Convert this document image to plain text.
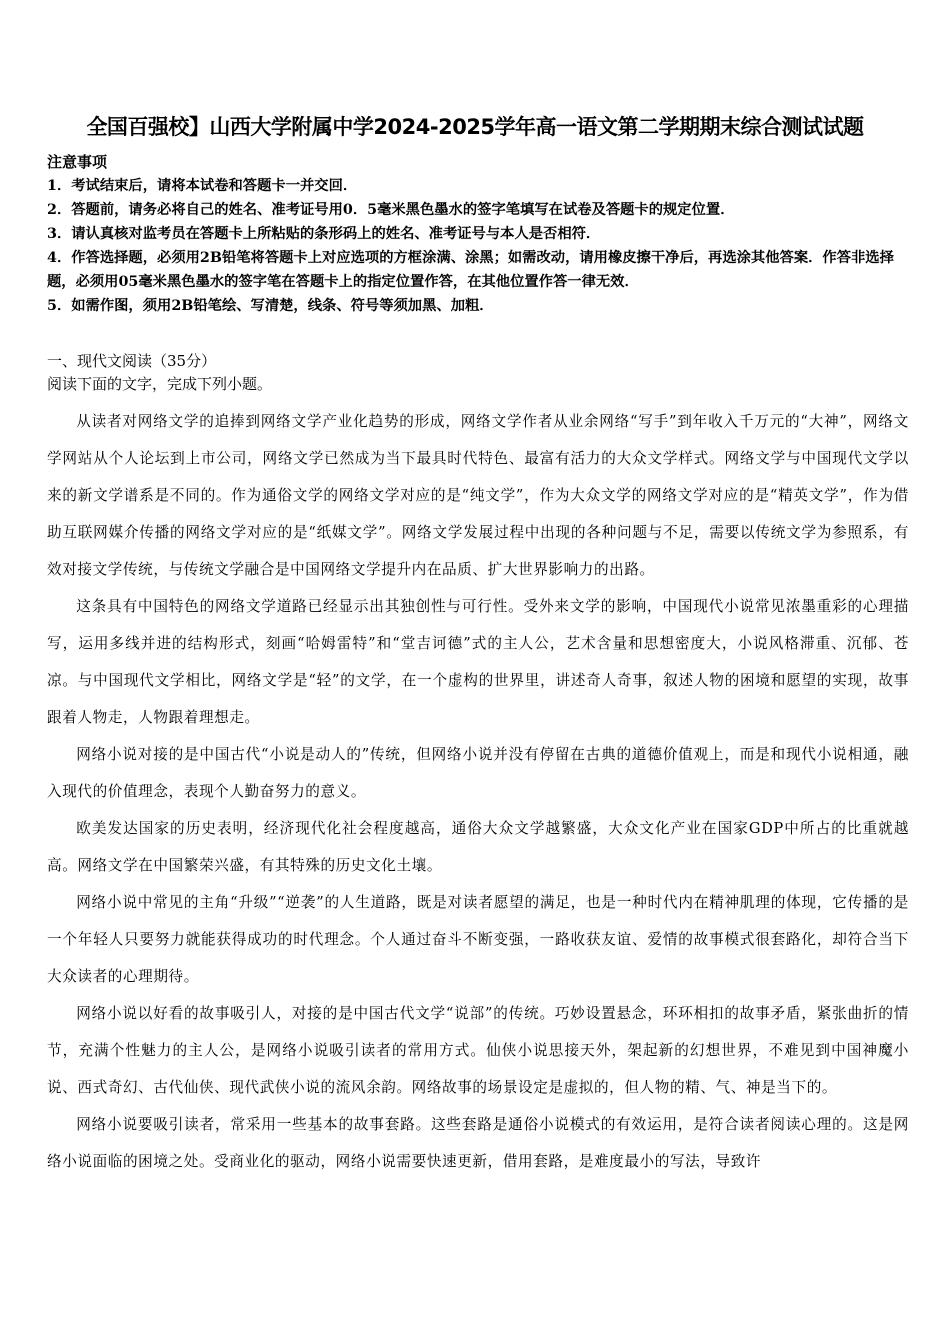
全国百强校】山西大学附属中学2024-2025学年高一语文第二学期期末综合测试试题
注意事项
1．考试结束后，请将本试卷和答题卡一并交回．
2．答题前，请务必将自己的姓名、准考证号用0．5毫米黑色墨水的签字笔填写在试卷及答题卡的规定位置．
3．请认真核对监考员在答题卡上所粘贴的条形码上的姓名、准考证号与本人是否相符．
4．作答选择题，必须用2B铅笔将答题卡上对应选项的方框涂满、涂黑；如需改动，请用橡皮擦干净后，再选涂其他答案．作答非选择题，必须用05毫米黑色墨水的签字笔在答题卡上的指定位置作答，在其他位置作答一律无效．
5．如需作图，须用2B铅笔绘、写清楚，线条、符号等须加黑、加粗．
一、现代文阅读（35分）
阅读下面的文字，完成下列小题。

从读者对网络文学的追捧到网络文学产业化趋势的形成，网络文学作者从业余网络“写手”到年收入千万元的“大神”，网络文学网站从个人论坛到上市公司，网络文学已然成为当下最具时代特色、最富有活力的大众文学样式。网络文学与中国现代文学以来的新文学谱系是不同的。作为通俗文学的网络文学对应的是“纯文学”，作为大众文学的网络文学对应的是“精英文学”，作为借助互联网媒介传播的网络文学对应的是“纸媒文学”。网络文学发展过程中出现的各种问题与不足，需要以传统文学为参照系，有效对接文学传统，与传统文学融合是中国网络文学提升内在品质、扩大世界影响力的出路。

这条具有中国特色的网络文学道路已经显示出其独创性与可行性。受外来文学的影响，中国现代小说常见浓墨重彩的心理描写，运用多线并进的结构形式，刻画“哈姆雷特”和“堂吉诃德”式的主人公，艺术含量和思想密度大，小说风格滞重、沉郁、苍凉。与中国现代文学相比，网络文学是“轻”的文学，在一个虚构的世界里，讲述奇人奇事，叙述人物的困境和愿望的实现，故事跟着人物走，人物跟着理想走。

网络小说对接的是中国古代“小说是动人的”传统，但网络小说并没有停留在古典的道德价值观上，而是和现代小说相通，融入现代的价值理念，表现个人勤奋努力的意义。

欧美发达国家的历史表明，经济现代化社会程度越高，通俗大众文学越繁盛，大众文化产业在国家GDP中所占的比重就越高。网络文学在中国繁荣兴盛，有其特殊的历史文化土壤。

网络小说中常见的主角“升级”“逆袭”的人生道路，既是对读者愿望的满足，也是一种时代内在精神肌理的体现，它传播的是一个年轻人只要努力就能获得成功的时代理念。个人通过奋斗不断变强，一路收获友谊、爱情的故事模式很套路化，却符合当下大众读者的心理期待。

网络小说以好看的故事吸引人，对接的是中国古代文学“说部”的传统。巧妙设置悬念，环环相扣的故事矛盾，紧张曲折的情节，充满个性魅力的主人公，是网络小说吸引读者的常用方式。仙侠小说思接天外，架起新的幻想世界，不难见到中国神魔小说、西式奇幻、古代仙侠、现代武侠小说的流风余韵。网络故事的场景设定是虚拟的，但人物的精、气、神是当下的。

网络小说要吸引读者，常采用一些基本的故事套路。这些套路是通俗小说模式的有效运用，是符合读者阅读心理的。这是网络小说面临的困境之处。受商业化的驱动，网络小说需要快速更新，借用套路，是难度最小的写法，导致许
